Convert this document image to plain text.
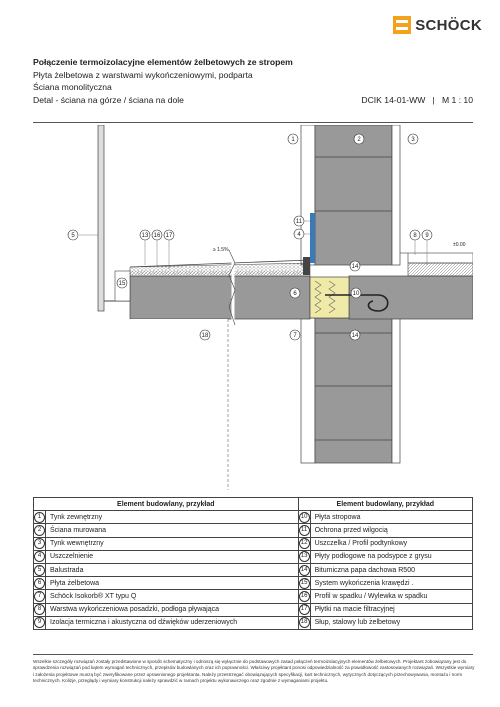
SCHÖCK
Połączenie termoizolacyjne elementów żelbetowych ze stropem
Płyta żelbetowa z warstwami wykończeniowymi, podparta
Ściana monolityczna
Detal - ściana na górze / ściana na dole	DCIK 14-01-WW | M 1 : 10
1	2	3
5	13 16 17
11
4	8 9
14
15
6	10
18	7	14
≥ 1.5%
±0.00
Element budowlany, przykład		Element budowlany, przykład	
1	Tynk zewnętrzny	10	Płyta stropowa
2	Ściana murowana	11	Ochrona przed wilgocią
3	Tynk wewnętrzny	12	Uszczelka / Profil podtynkowy
4	Uszczelnienie	13	Płyty podłogowe na podsypce z grysu
5	Balustrada	14	Bitumiczna papa dachowa R500
6	Płyta żelbetowa	15	System wykończenia krawędzi .
7	Schöck Isokorb® XT typu Q	16	Profil w spadku / Wylewka w spadku
8	Warstwa wykończeniowa posadzki, podłoga pływająca	17	Płytki na macie filtracyjnej
9	Izolacja termiczna i akustyczna od dźwięków uderzeniowych	18	Słup, stalowy lub żelbetowy
Wszelkie szczegóły rozwiązań zostały przedstawione w sposób schematyczny i odnoszą się wyłącznie do podstawowych zasad połączeń termoizolacyjnych elementów żelbetowych. Projektant zobowiązany jest do sprawdzenia rozwiązań pod kątem wymagań technicznych, przepisów budowlanych oraz ich poprawności. Właściwy projektant ponosi odpowiedzialność za prawidłowość zastosowanych rozwiązań. Wszystkie wymiary i założenia projektowe muszą być zweryfikowane przez uprawnionego projektanta. Należy przestrzegać obowiązujących specyfikacji, kart technicznych, wytycznych dotyczących przechowywania, montażu i norm technicznych. Kolizje, przeglądy i wymiary konstrukcji należy sprawdzić w ramach projektu wykonawczego oraz zgodnie z wymaganiami projektu.
